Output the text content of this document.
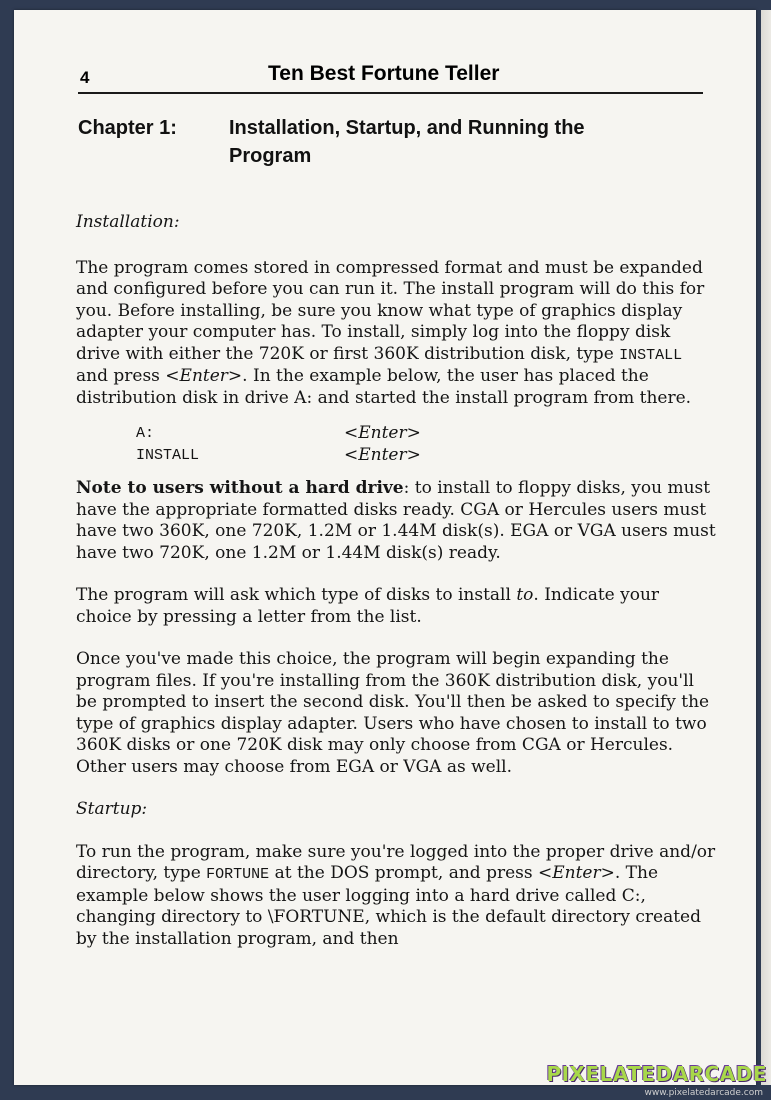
4	Ten Best Fortune Teller
Chapter 1:	Installation, Startup, and Running the Program

Installation:

The program comes stored in compressed format and must be expanded and configured before you can run it. The install program will do this for you. Before installing, be sure you know what type of graphics display adapter your computer has. To install, simply log into the floppy disk drive with either the 720K or first 360K distribution disk, type INSTALL and press <Enter>. In the example below, the user has placed the distribution disk in drive A: and started the install program from there.

A:	<Enter>
INSTALL	<Enter>

Note to users without a hard drive: to install to floppy disks, you must have the appropriate formatted disks ready. CGA or Hercules users must have two 360K, one 720K, 1.2M or 1.44M disk(s). EGA or VGA users must have two 720K, one 1.2M or 1.44M disk(s) ready.

The program will ask which type of disks to install to. Indicate your choice by pressing a letter from the list.

Once you've made this choice, the program will begin expanding the program files. If you're installing from the 360K distribution disk, you'll be prompted to insert the second disk. You'll then be asked to specify the type of graphics display adapter. Users who have chosen to install to two 360K disks or one 720K disk may only choose from CGA or Hercules. Other users may choose from EGA or VGA as well.

Startup:

To run the program, make sure you're logged into the proper drive and/or directory, type FORTUNE at the DOS prompt, and press <Enter>. The example below shows the user logging into a hard drive called C:, changing directory to \FORTUNE, which is the default directory created by the installation program, and then

PIXELATEDARCADE
www.pixelatedarcade.com
